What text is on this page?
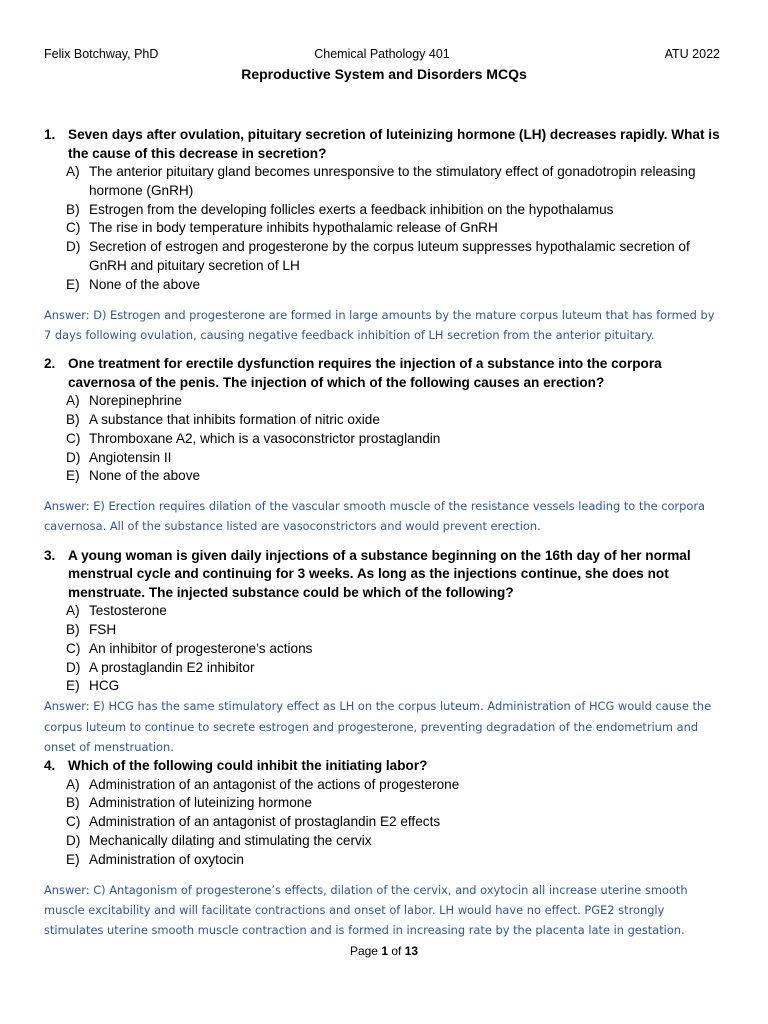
Felix Botchway, PhD	Chemical Pathology 401	ATU 2022
Reproductive System and Disorders MCQs
1. Seven days after ovulation, pituitary secretion of luteinizing hormone (LH) decreases rapidly. What is the cause of this decrease in secretion?
A) The anterior pituitary gland becomes unresponsive to the stimulatory effect of gonadotropin releasing hormone (GnRH)
B) Estrogen from the developing follicles exerts a feedback inhibition on the hypothalamus
C) The rise in body temperature inhibits hypothalamic release of GnRH
D) Secretion of estrogen and progesterone by the corpus luteum suppresses hypothalamic secretion of GnRH and pituitary secretion of LH
E) None of the above

Answer: D) Estrogen and progesterone are formed in large amounts by the mature corpus luteum that has formed by 7 days following ovulation, causing negative feedback inhibition of LH secretion from the anterior pituitary.

2. One treatment for erectile dysfunction requires the injection of a substance into the corpora cavernosa of the penis. The injection of which of the following causes an erection?
A) Norepinephrine
B) A substance that inhibits formation of nitric oxide
C) Thromboxane A2, which is a vasoconstrictor prostaglandin
D) Angiotensin II
E) None of the above

Answer: E) Erection requires dilation of the vascular smooth muscle of the resistance vessels leading to the corpora cavernosa. All of the substance listed are vasoconstrictors and would prevent erection.

3. A young woman is given daily injections of a substance beginning on the 16th day of her normal menstrual cycle and continuing for 3 weeks. As long as the injections continue, she does not menstruate. The injected substance could be which of the following?
A) Testosterone
B) FSH
C) An inhibitor of progesterone’s actions
D) A prostaglandin E2 inhibitor
E) HCG

Answer: E) HCG has the same stimulatory effect as LH on the corpus luteum. Administration of HCG would cause the corpus luteum to continue to secrete estrogen and progesterone, preventing degradation of the endometrium and onset of menstruation.

4. Which of the following could inhibit the initiating labor?
A) Administration of an antagonist of the actions of progesterone
B) Administration of luteinizing hormone
C) Administration of an antagonist of prostaglandin E2 effects
D) Mechanically dilating and stimulating the cervix
E) Administration of oxytocin

Answer: C) Antagonism of progesterone’s effects, dilation of the cervix, and oxytocin all increase uterine smooth muscle excitability and will facilitate contractions and onset of labor. LH would have no effect. PGE2 strongly stimulates uterine smooth muscle contraction and is formed in increasing rate by the placenta late in gestation.

Page 1 of 13
